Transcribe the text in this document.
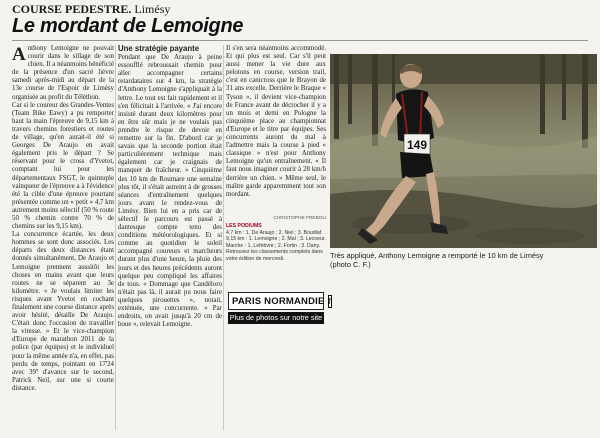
COURSE PEDESTRE. Limésy
Le mordant de Lemoigne
A nthony Lemoigne ne pouvait courir dans le sillage de son chien. Il a néanmoins bénéficié de la présence d'un sacré lièvre samedi après-midi au départ de la 13e course de l'Espoir de Limésy organisée au profit du Téléthon.

Car si le coureur des Grandes-Ventes (Team Bike Eawy) a pu remporter haut la main l'épreuve de 9,15 km à travers chemins forestiers et routes de village, qu'en aurait-il été si Georges De Araujo en avait également pris le départ ? Se réservant pour le cross d'Yvetot, comptant lui pour les départementaux FSGT, le quintuple vainqueur de l'épreuve a à l'évidence été la cible d'une épreuve pourtant présentée comme un « petit » 4,7 km autrement moins sélectif (50 % route 50 % chemin contre 70 % de chemins sur les 9,15 km).

La concurrence écartée, les deux hommes se sont donc associés. Les départs des deux distances étant donnés simultanément, De Araujo et Lemoigne prennent aussitôt les choses en mains avant que leurs routes ne se séparent au 3e kilomètre. « Je voulais limiter les risques avant Yvetot en cochant finalement une course distance après avoir hésité, détaille De Araujo. C'était donc l'occasion de travailler la vitesse. » Et le vice-champion d'Europe de marathon 2011 de la police (par équipes) et le individuel pour la même année n'a, en effet, pas perdu de temps, pointant en 17'24 avec 39'' d'avance sur le second, Patrick Neil, sur une si courte distance.

Une stratégie payante

Pendant que De Araujo à peine essoufflé rebroussait chemin pour aller accompagner certains retardataires sur 4 km, la stratégie d'Anthony Lemoigne s'appliquait à la lettre. Le tout est fait rapidement et il s'en félicitait à l'arrivée. « J'ai encore insisté durant deux kilomètres pour en être sûr mais je ne voulais pas prendre le risque de devoir en remettre sur la fin. D'abord car je savais que la seconde portion était particulièrement technique mais également car je craignais de manquer de fraîcheur. » Cinquième des 10 km de Roumare une semaine plus tôt, il s'était astreint à de grosses séances d'entraînement quelques jours avant le rendez-vous de Limésy. Bien lui en a pris car de sélectif le parcours est passé à dantesque compte tenu des conditions météorologiques. Et si comme au quotidien le soleil accompagné coureurs et marcheurs durant plus d'une heure, la pluie des jours et des heures précédents auront quelque peu compliqué les affaires de tous. « Dommage que Candéloro n'était pas là, il aurait pu nous faire quelques pirouettes », notait, exténuée, une concurrente. « Par endroits, on avait jusqu'à 20 cm de boue », relevait Lemoigne.

Il s'en sera néanmoins accommodé. Et qui plus est seul. Car s'il peut aussi mener la vie dure aux pelotons en course, version trail, c'est en canicross que le Brayon de 31 ans excelle. Derrière le Braque « Tyson », il devient vice-champion de France avant de décrocher il y a un mois et demi en Pologne la cinquième place au championnat d'Europe et le titre par équipes. Ses concurrents auront du mal à l'admettre mais la course à pied « classique » n'est pour Anthony Lemoigne qu'un entraînement. « Il faut nous imaginer courir à 28 km/h derrière un chien. » Même seul, le maître garde apparemment tout son mordant.

CHRISTOPHE FREBOU
LES PODIUMS
4,7 km : 1. De Araujo ; 2. Niel ; 3. Boudlaf.
9,15 km : 1. Lemoigne ; 2. Mal ; 3. Lecoeur.
Marche : 1. Lefebvre ; 2. Fortin ; 3. Dany.
Retrouvez les classements complets dans votre édition de mercredi.
PARIS NORMANDIE f
Plus de photos sur notre site
149
Très appliqué, Anthony Lemoigne a remporté le 10 km de Limésy
(photo C. F.)
